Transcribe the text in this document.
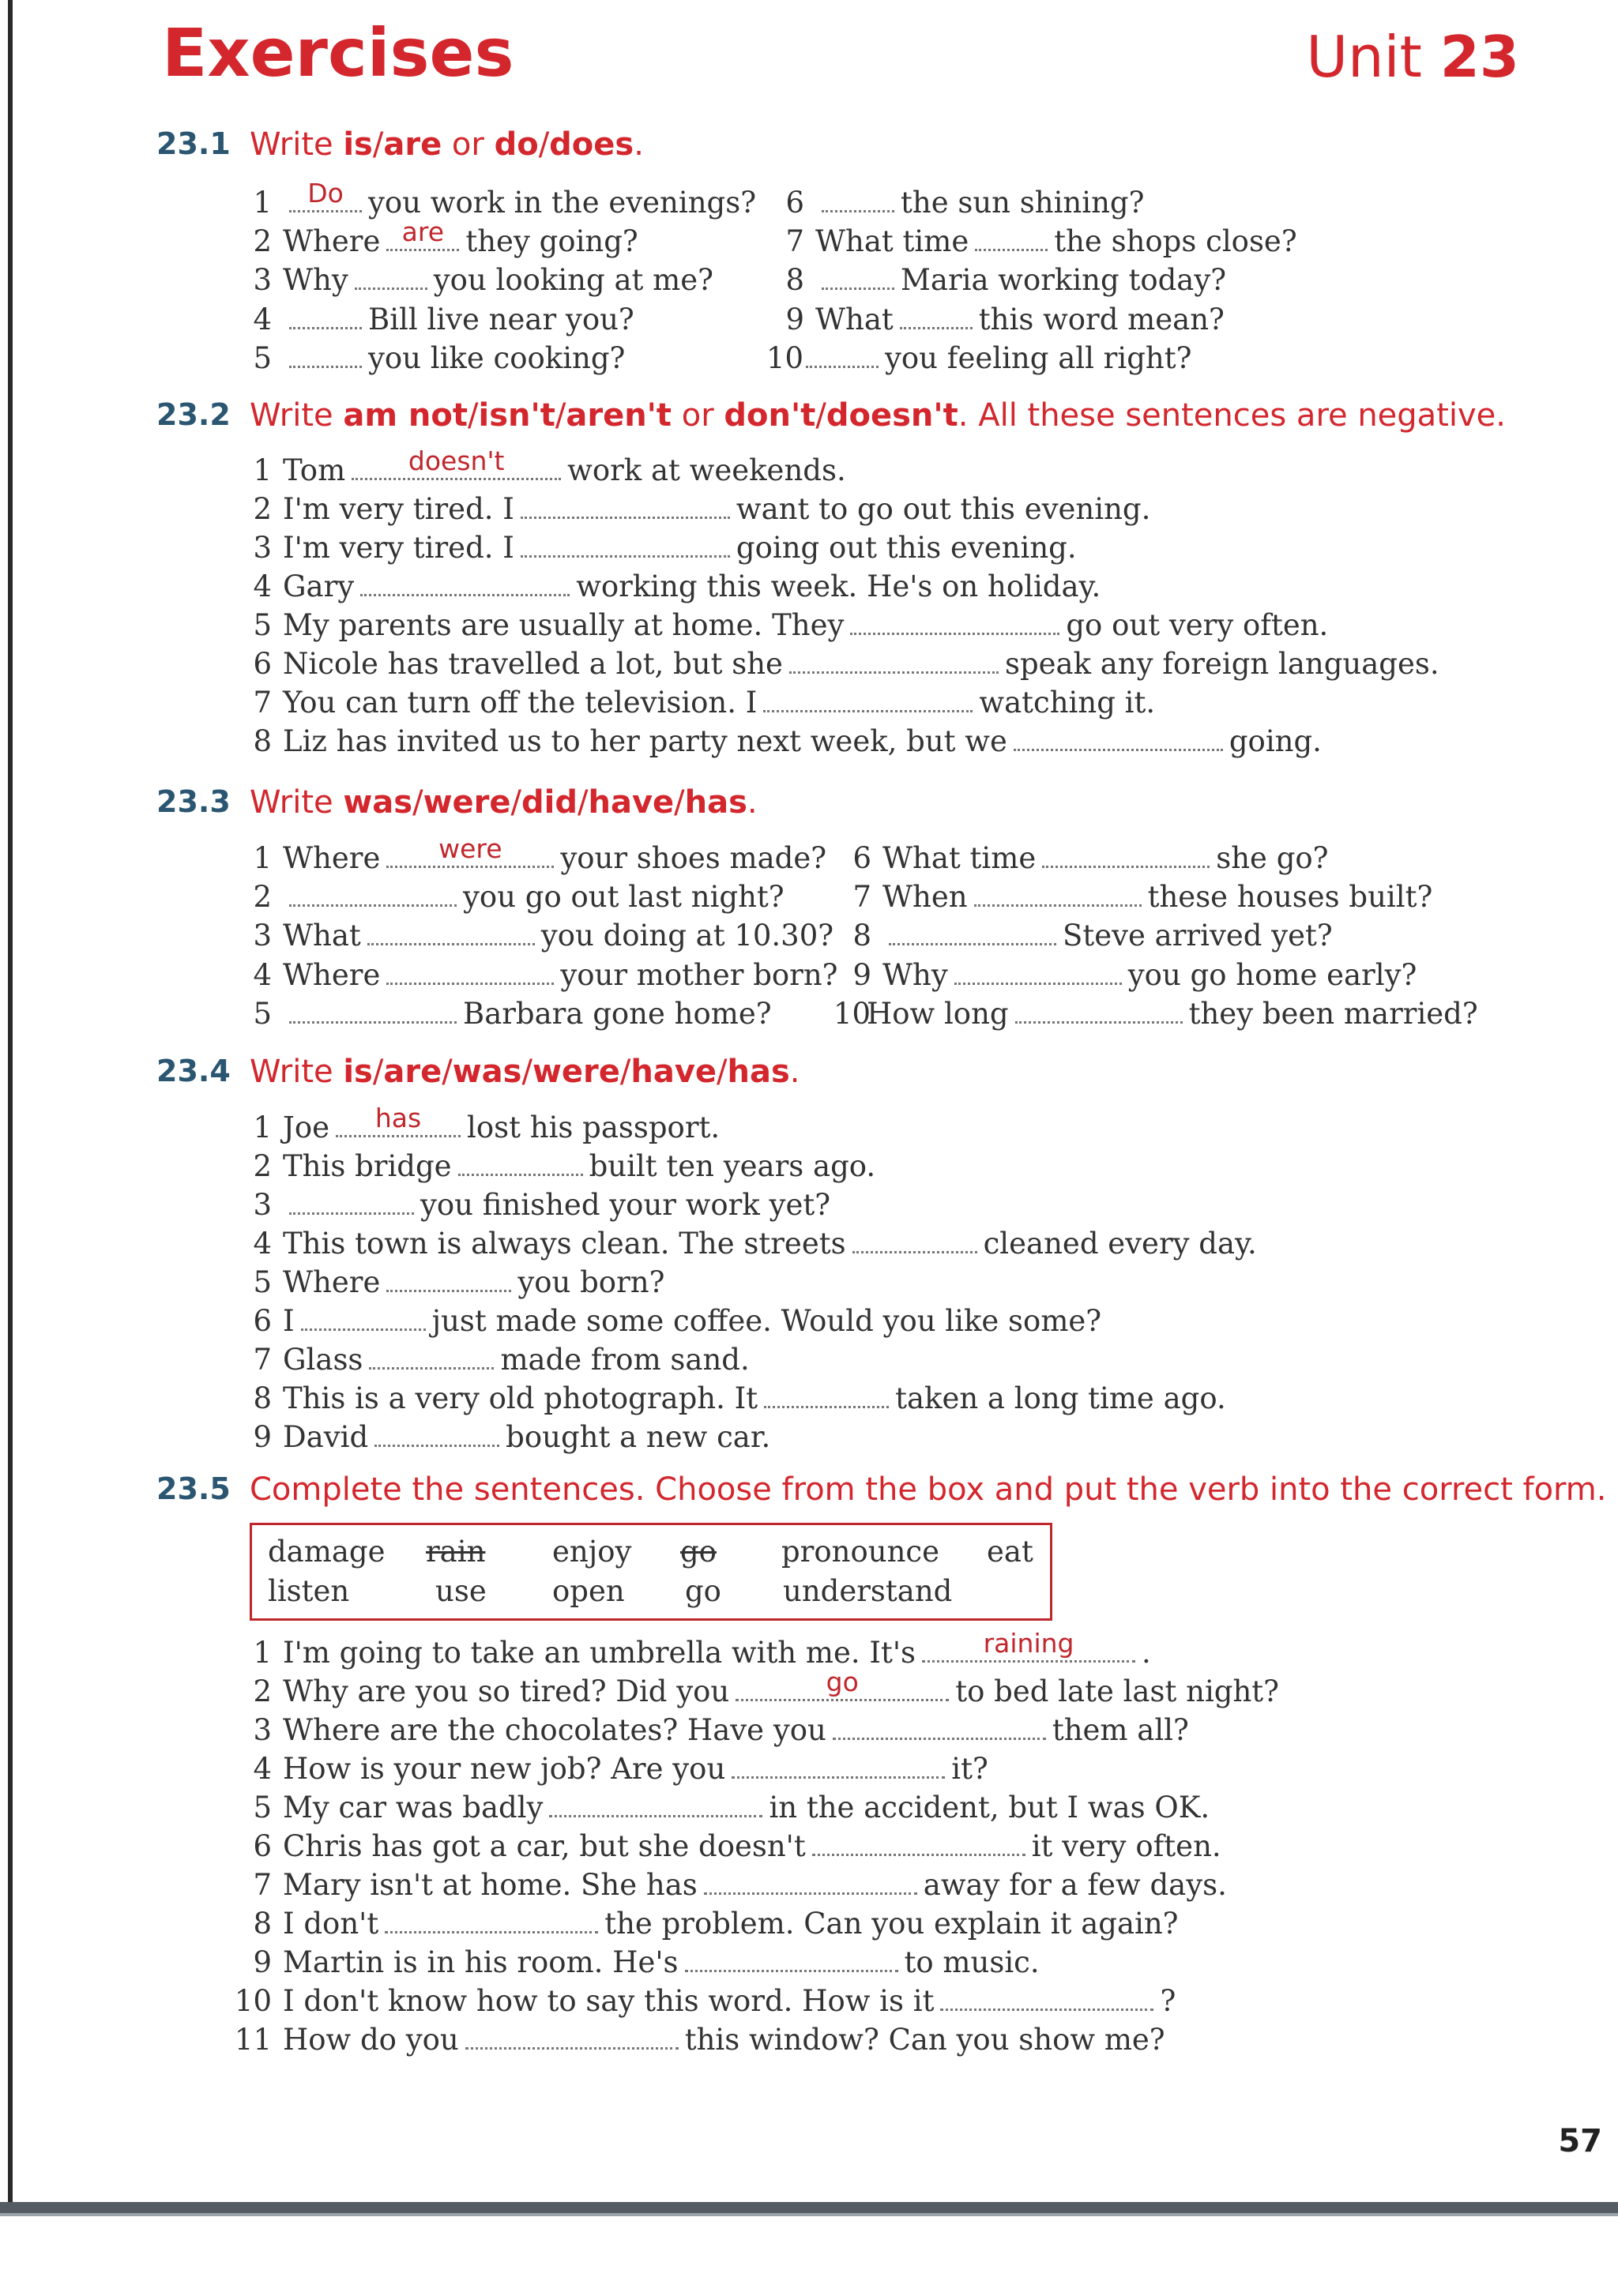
Exercises	Unit 23
23.1 Write is/are or do/does.
1	Do you work in the evenings?
2 Where are they going?
3 Why	you looking at me?
4	Bill live near you?
5	you like cooking?
6	the sun shining?
7 What time	the shops close?
8	Maria working today?
9 What	this word mean?
10	you feeling all right?
23.2 Write am not/isn't/aren't or don't/doesn't. All these sentences are negative.
1 Tom	doesn't	work at weekends.
2 I'm very tired. I	want to go out this evening.
3 I'm very tired. I	going out this evening.
4 Gary	working this week. He's on holiday.
5 My parents are usually at home. They	go out very often.
6 Nicole has travelled a lot, but she	speak any foreign languages.
7 You can turn off the television. I	watching it.
8 Liz has invited us to her party next week, but we	going.
23.3 Write was/were/did/have/has.
1 Where	were	your shoes made?
2	you go out last night?
3 What	you doing at 10.30?
4 Where	your mother born?
5	Barbara gone home?
6 What time	she go?
7 When	these houses built?
8	Steve arrived yet?
9 Why	you go home early?
10How long	they been married?
23.4 Write is/are/was/were/have/has.
1 Joe	has	lost his passport.
2 This bridge	built ten years ago.
3	you finished your work yet?
4 This town is always clean. The streets	cleaned every day.
5 Where	you born?
6 I	just made some coffee. Would you like some?
7 Glass	made from sand.
8 This is a very old photograph. It	taken a long time ago.
9 David	bought a new car.
23.5 Complete the sentences. Choose from the box and put the verb into the correct form.
damage rain enjoy go pronounce eat
listen	use open go understand
1 I'm going to take an umbrella with me. It's	raining	.
2 Why are you so tired? Did you	go	to bed late last night?
3 Where are the chocolates? Have you	them all?
4 How is your new job? Are you	it?
5 My car was badly	in the accident, but I was OK.
6 Chris has got a car, but she doesn't	it very often.
7 Mary isn't at home. She has	away for a few days.
8 I don't	the problem. Can you explain it again?
9 Martin is in his room. He's	to music.
10 I don't know how to say this word. How is it	?
11 How do you	this window? Can you show me?
57
